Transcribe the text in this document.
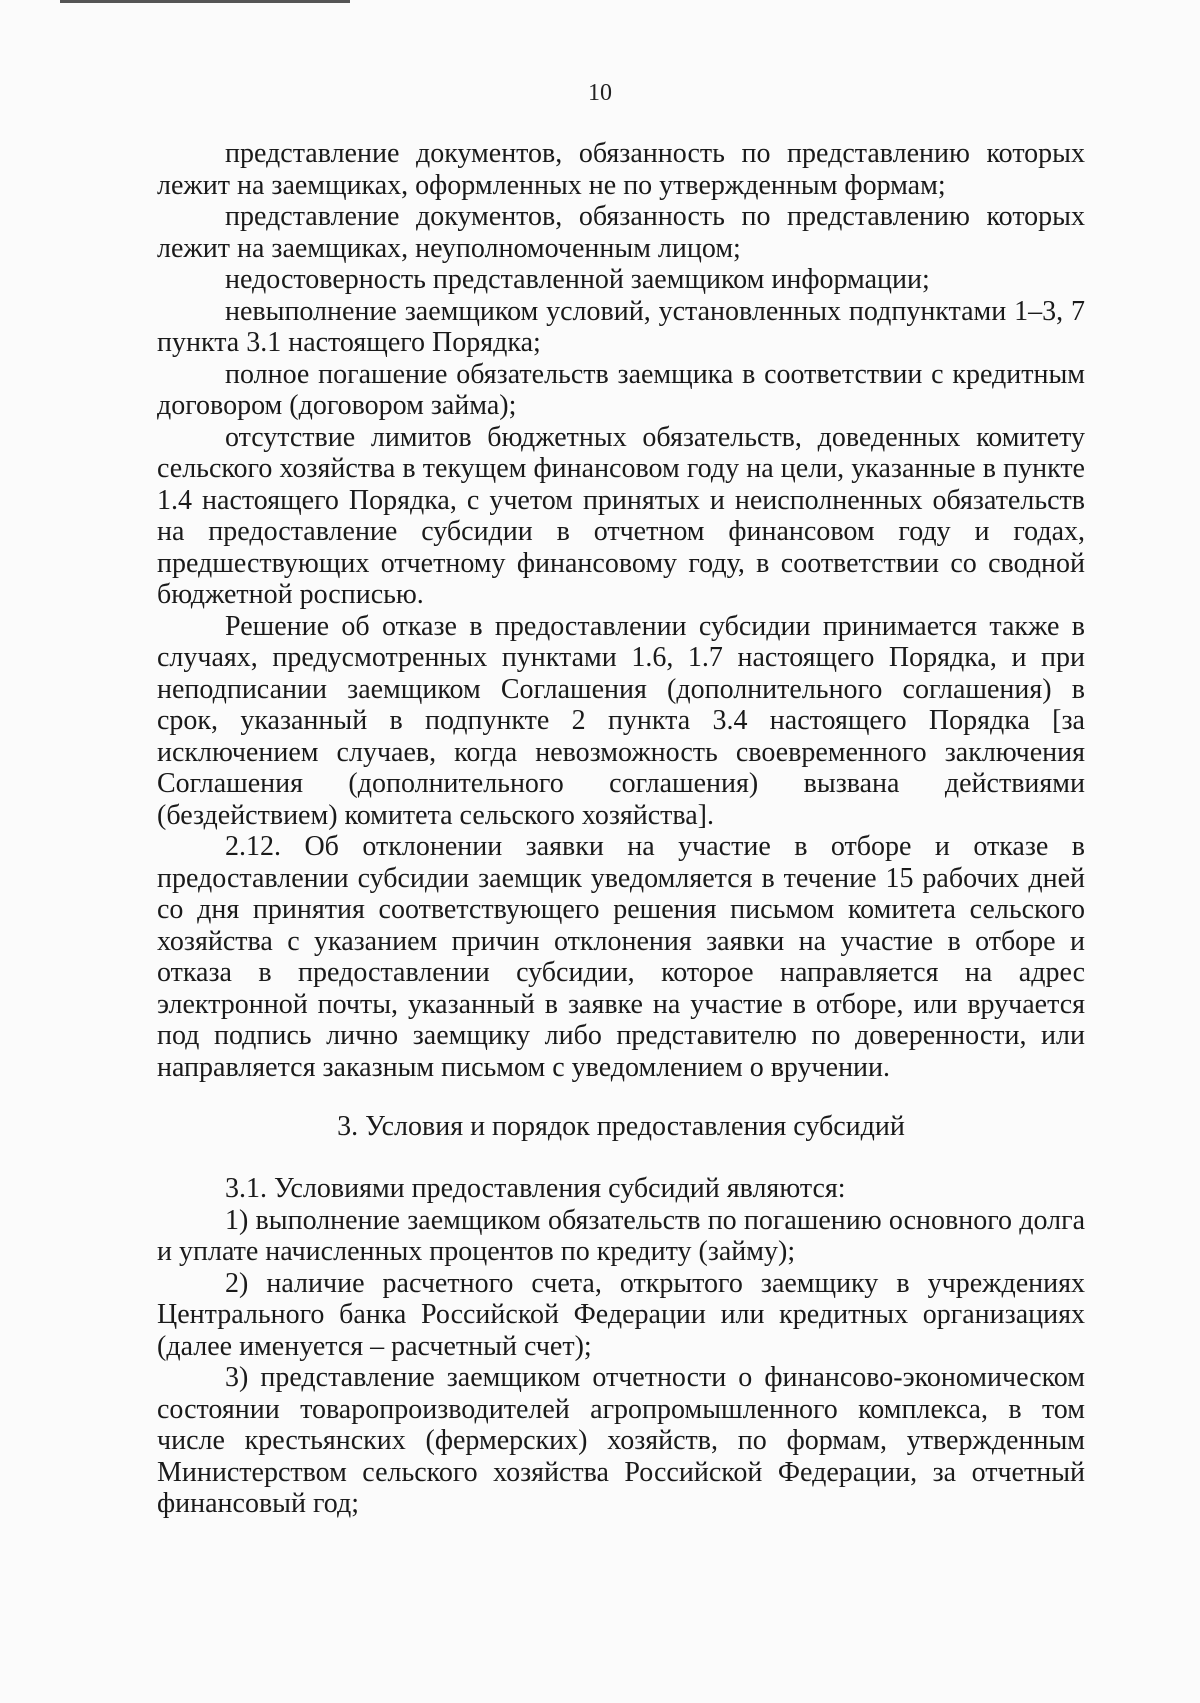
10

представление документов, обязанность по представлению которых лежит на заемщиках, оформленных не по утвержденным формам;

представление документов, обязанность по представлению которых лежит на заемщиках, неуполномоченным лицом;

недостоверность представленной заемщиком информации;

невыполнение заемщиком условий, установленных подпунктами 1–3, 7 пункта 3.1 настоящего Порядка;

полное погашение обязательств заемщика в соответствии с кредитным договором (договором займа);

отсутствие лимитов бюджетных обязательств, доведенных комитету сельского хозяйства в текущем финансовом году на цели, указанные в пункте 1.4 настоящего Порядка, с учетом принятых и неисполненных обязательств на предоставление субсидии в отчетном финансовом году и годах, предшествующих отчетному финансовому году, в соответствии со сводной бюджетной росписью.

Решение об отказе в предоставлении субсидии принимается также в случаях, предусмотренных пунктами 1.6, 1.7 настоящего Порядка, и при неподписании заемщиком Соглашения (дополнительного соглашения) в срок, указанный в подпункте 2 пункта 3.4 настоящего Порядка [за исключением случаев, когда невозможность своевременного заключения Соглашения (дополнительного соглашения) вызвана действиями (бездействием) комитета сельского хозяйства].

2.12. Об отклонении заявки на участие в отборе и отказе в предоставлении субсидии заемщик уведомляется в течение 15 рабочих дней со дня принятия соответствующего решения письмом комитета сельского хозяйства с указанием причин отклонения заявки на участие в отборе и отказа в предоставлении субсидии, которое направляется на адрес электронной почты, указанный в заявке на участие в отборе, или вручается под подпись лично заемщику либо представителю по доверенности, или направляется заказным письмом с уведомлением о вручении.

3. Условия и порядок предоставления субсидий

3.1. Условиями предоставления субсидий являются:

1) выполнение заемщиком обязательств по погашению основного долга и уплате начисленных процентов по кредиту (займу);

2) наличие расчетного счета, открытого заемщику в учреждениях Центрального банка Российской Федерации или кредитных организациях (далее именуется – расчетный счет);

3) представление заемщиком отчетности о финансово-экономическом состоянии товаропроизводителей агропромышленного комплекса, в том числе крестьянских (фермерских) хозяйств, по формам, утвержденным Министерством сельского хозяйства Российской Федерации, за отчетный финансовый год;
